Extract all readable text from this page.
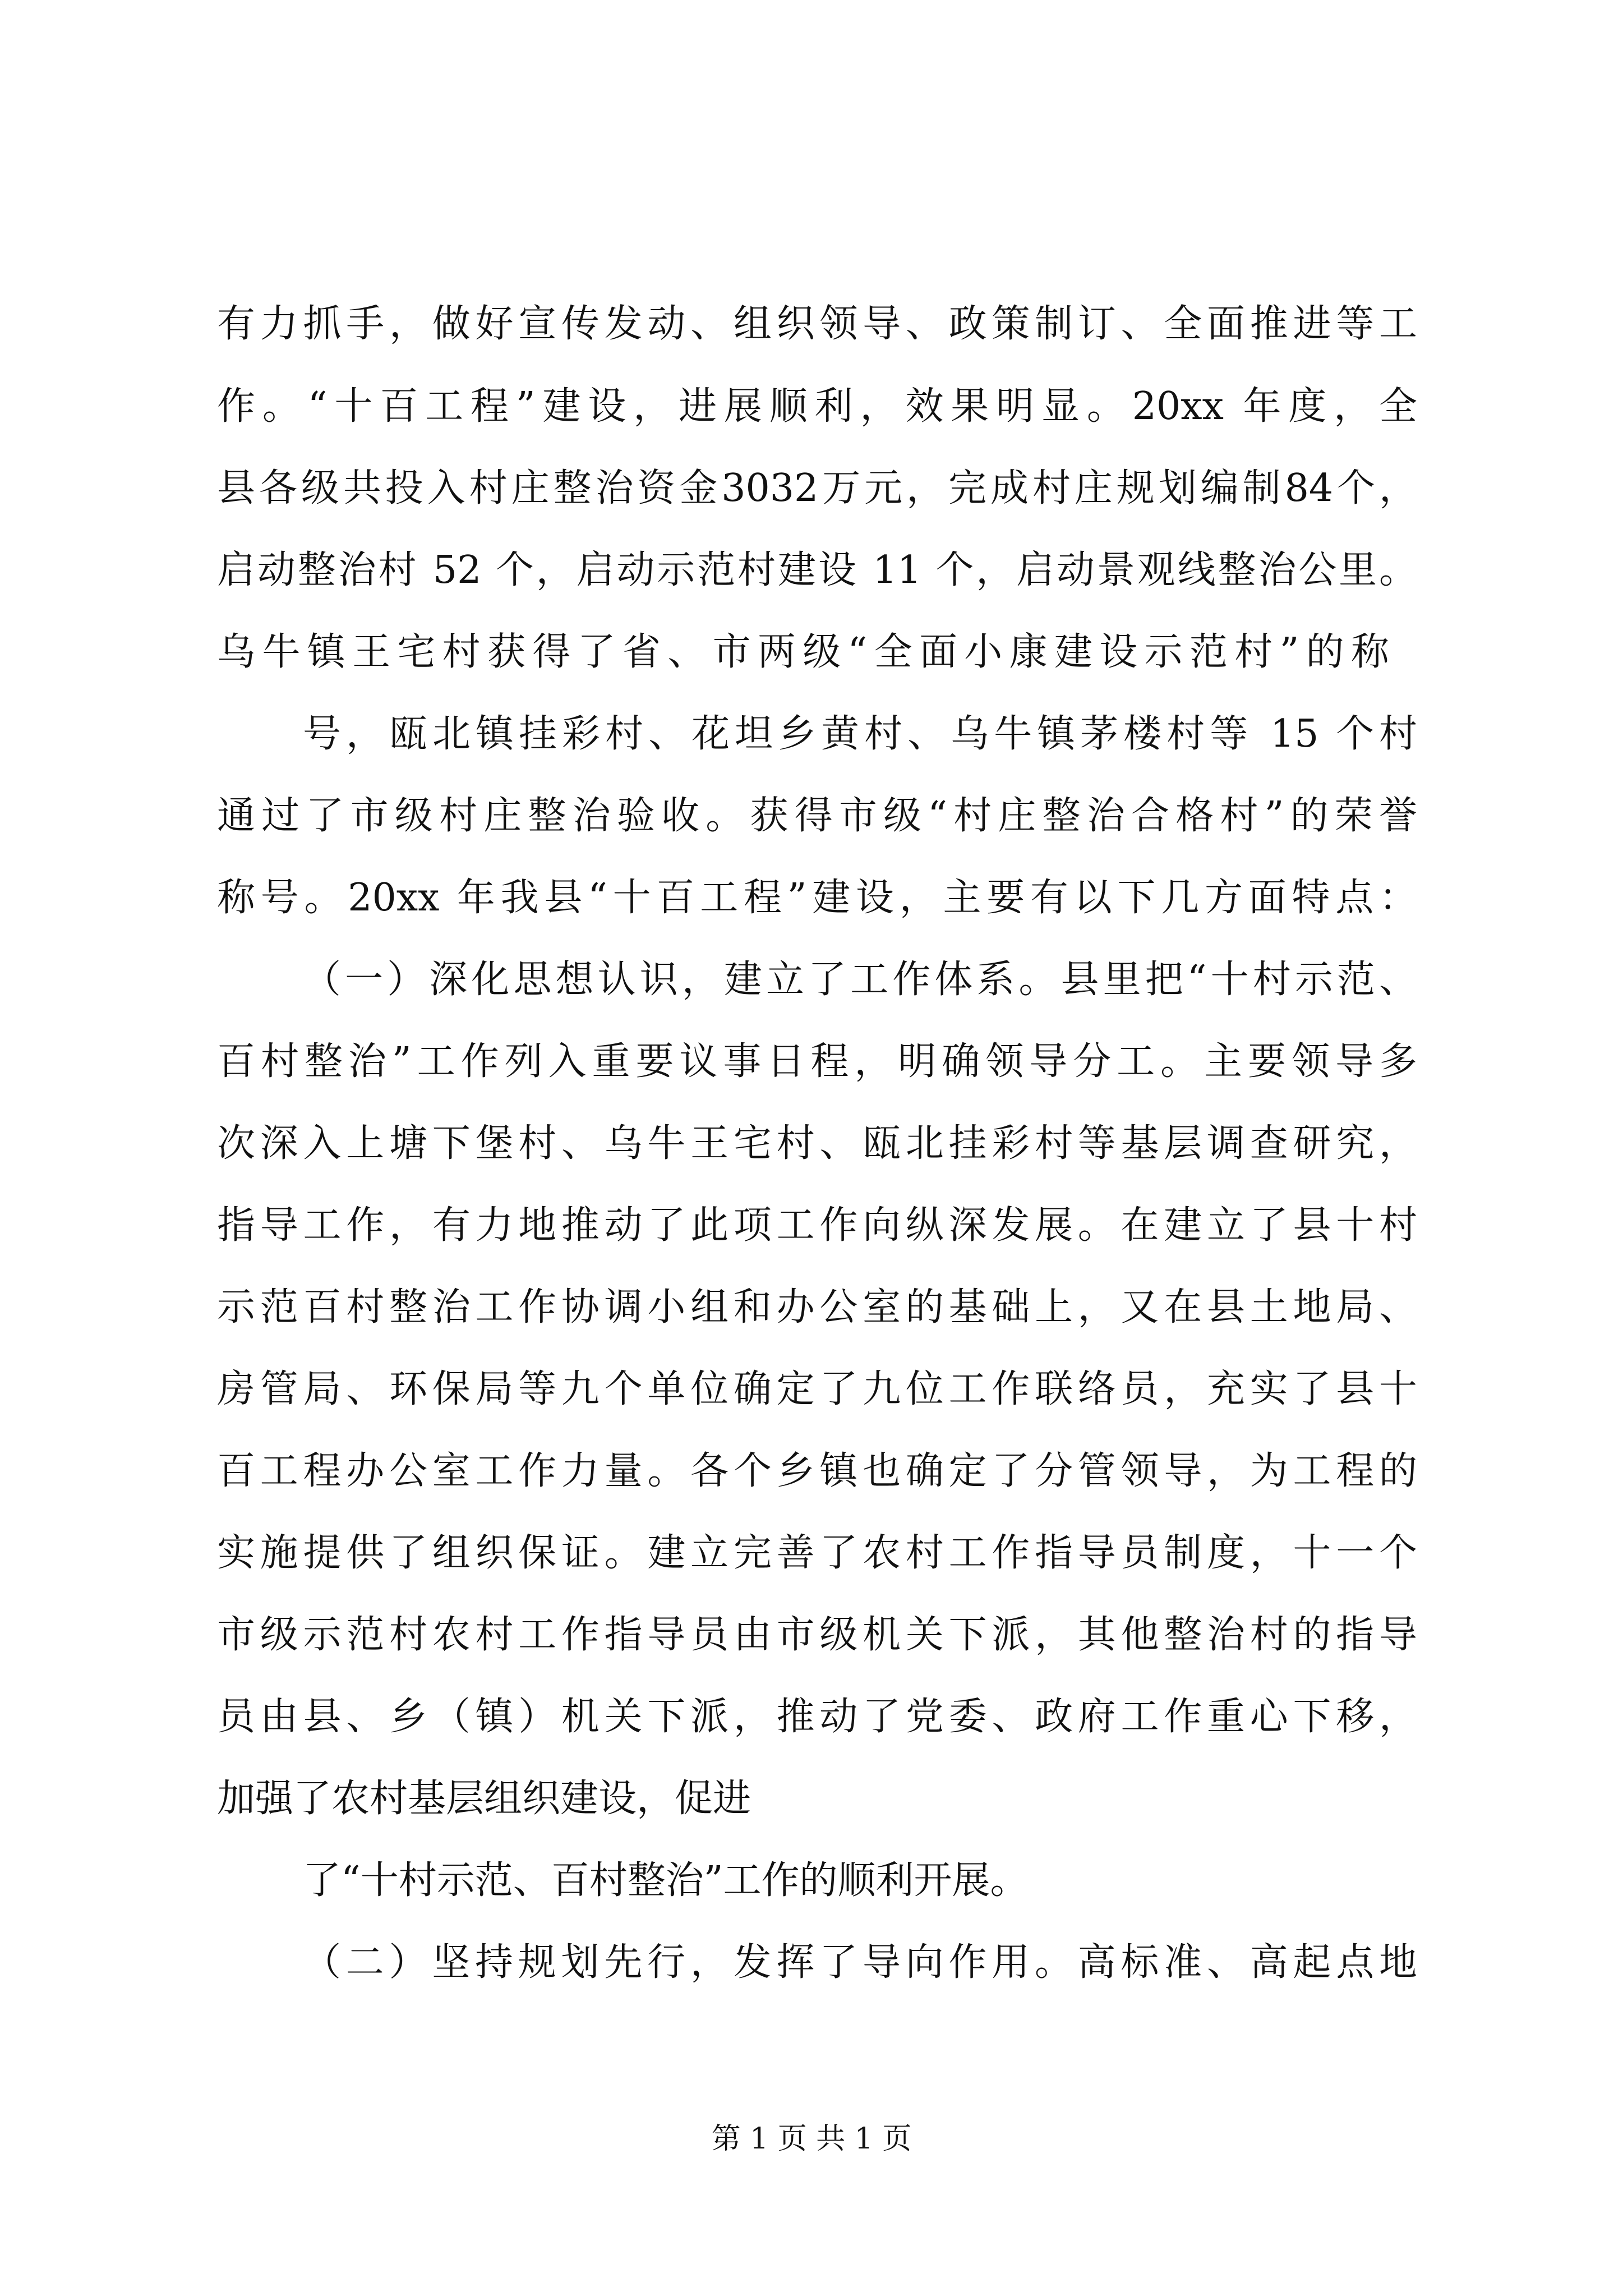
有力抓手，做好宣传发动、组织领导、政策制订、全面推进等工
作。“十百工程”建设，进展顺利，效果明显。20xx 年度，全
县各级共投入村庄整治资金3032万元，完成村庄规划编制84个，
启动整治村 52 个，启动示范村建设 11 个，启动景观线整治公里。
乌牛镇王宅村获得了省、市两级“全面小康建设示范村”的称
号，瓯北镇挂彩村、花坦乡黄村、乌牛镇茅楼村等 15 个村
通过了市级村庄整治验收。获得市级“村庄整治合格村”的荣誉
称号。20xx 年我县“十百工程”建设，主要有以下几方面特点：
（一）深化思想认识，建立了工作体系。县里把“十村示范、
百村整治”工作列入重要议事日程，明确领导分工。主要领导多
次深入上塘下堡村、乌牛王宅村、瓯北挂彩村等基层调查研究，
指导工作，有力地推动了此项工作向纵深发展。在建立了县十村
示范百村整治工作协调小组和办公室的基础上，又在县土地局、
房管局、环保局等九个单位确定了九位工作联络员，充实了县十
百工程办公室工作力量。各个乡镇也确定了分管领导，为工程的
实施提供了组织保证。建立完善了农村工作指导员制度，十一个
市级示范村农村工作指导员由市级机关下派，其他整治村的指导
员由县、乡（镇）机关下派，推动了党委、政府工作重心下移，
加强了农村基层组织建设，促进
了“十村示范、百村整治”工作的顺利开展。
（二）坚持规划先行，发挥了导向作用。高标准、高起点地
第 1 页 共 1 页
